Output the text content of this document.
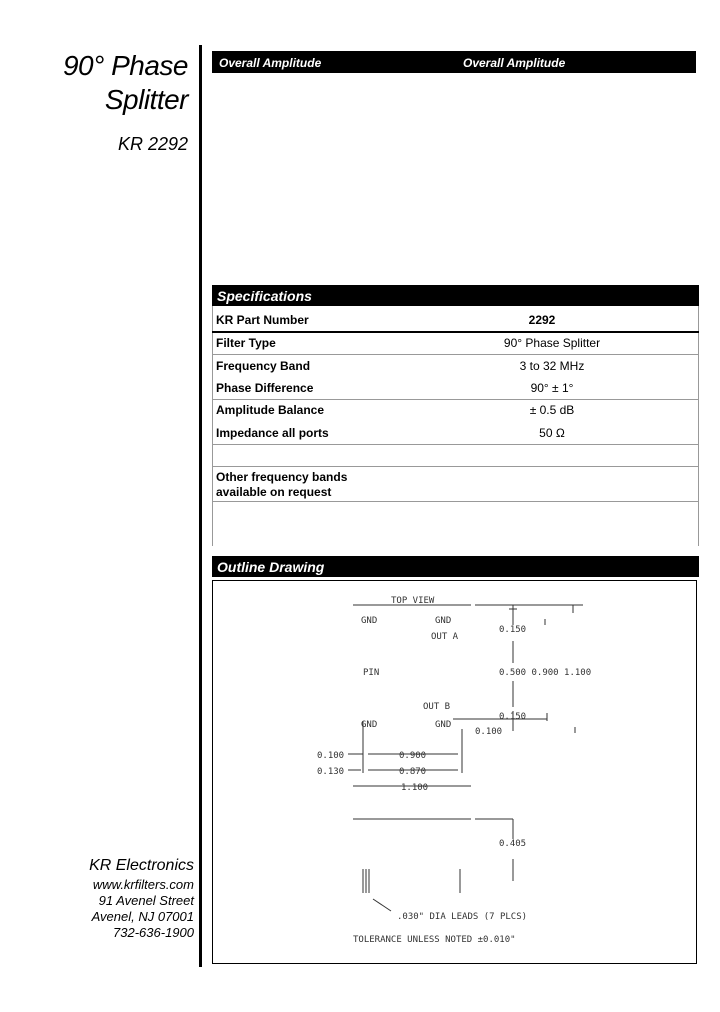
90° Phase
Splitter
KR 2292
Overall Amplitude	Overall Amplitude
Specifications
KR Part Number	2292
Filter Type	90° Phase Splitter
Frequency Band	3 to 32 MHz
Phase Difference	90° ± 1°
Amplitude Balance	± 0.5 dB
Impedance all ports	50 Ω
Other frequency bands
available on request
Outline Drawing
TOP VIEW
GND	GND
OUT A
0.150
PIN	0.500 0.900 1.100
OUT B
0.150
0.100
GND	GND
0.100	0.900
0.130	0.870
1.100
0.405
.030" DIA LEADS (7 PLCS)
TOLERANCE UNLESS NOTED ±0.010"
KR Electronics
www.krfilters.com
91 Avenel Street
Avenel, NJ 07001
732-636-1900
